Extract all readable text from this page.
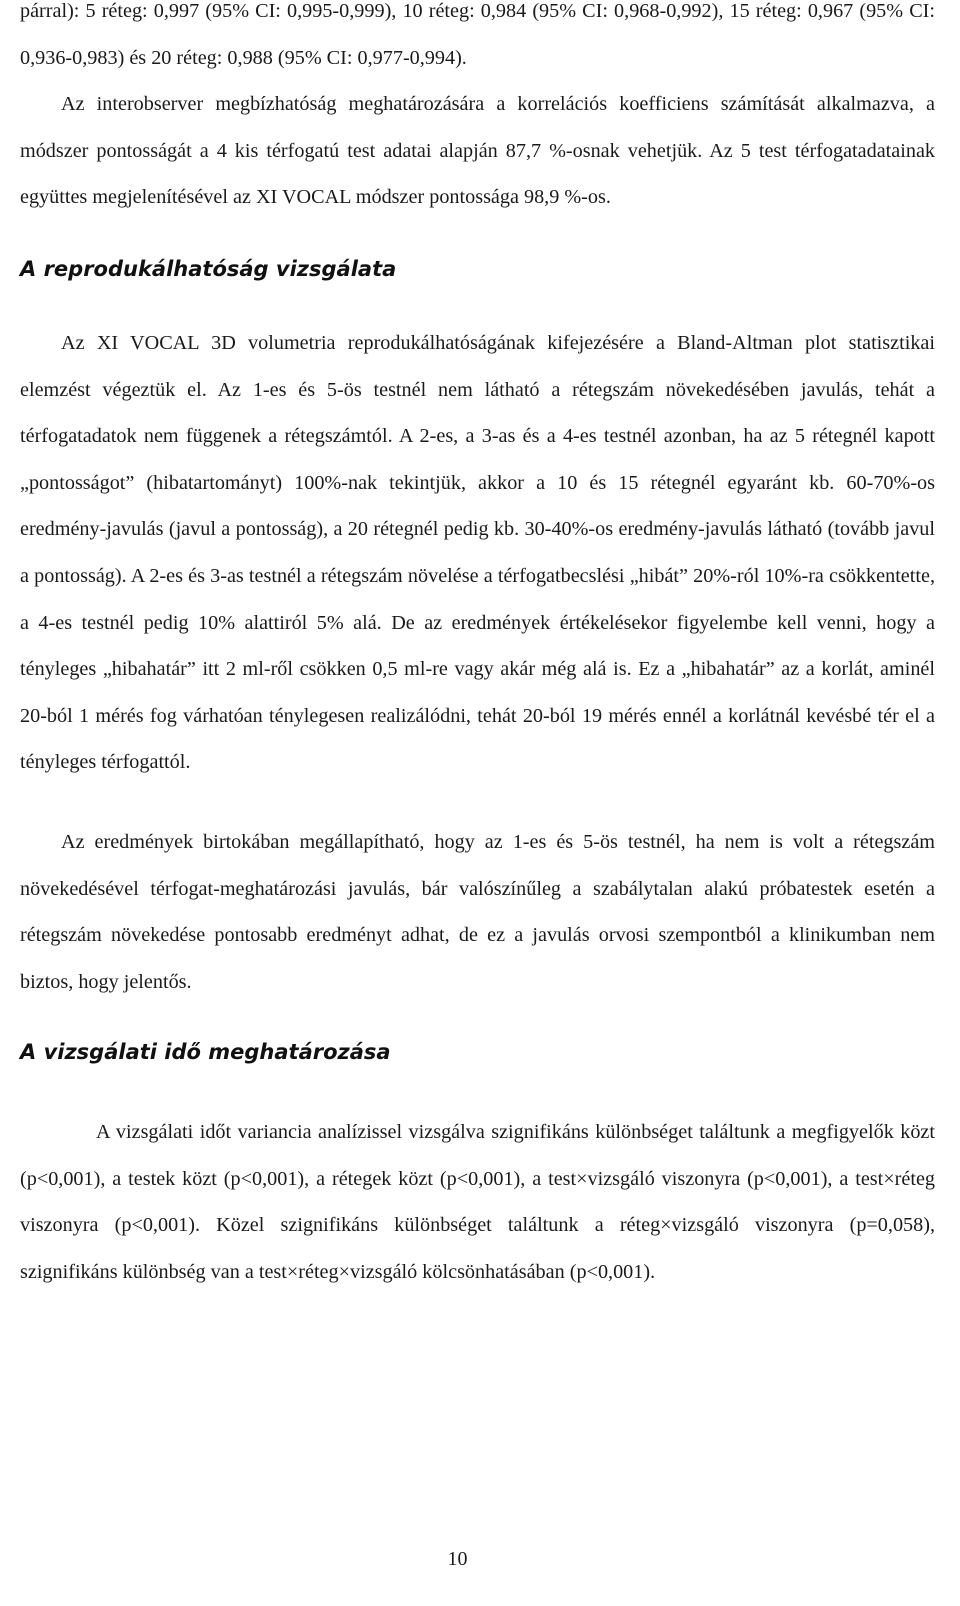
párral): 5 réteg: 0,997 (95% CI: 0,995-0,999), 10 réteg: 0,984 (95% CI: 0,968-0,992), 15 réteg: 0,967 (95% CI: 0,936-0,983) és 20 réteg: 0,988 (95% CI: 0,977-0,994).

Az interobserver megbízhatóság meghatározására a korrelációs koefficiens számítását alkalmazva, a módszer pontosságát a 4 kis térfogatú test adatai alapján 87,7 %-osnak vehetjük. Az 5 test térfogatadatainak együttes megjelenítésével az XI VOCAL módszer pontossága 98,9 %-os.

A reprodukálhatóság vizsgálata

Az XI VOCAL 3D volumetria reprodukálhatóságának kifejezésére a Bland-Altman plot statisztikai elemzést végeztük el. Az 1-es és 5-ös testnél nem látható a rétegszám növekedésében javulás, tehát a térfogatadatok nem függenek a rétegszámtól. A 2-es, a 3-as és a 4-es testnél azonban, ha az 5 rétegnél kapott „pontosságot” (hibatartományt) 100%-nak tekintjük, akkor a 10 és 15 rétegnél egyaránt kb. 60-70%-os eredmény-javulás (javul a pontosság), a 20 rétegnél pedig kb. 30-40%-os eredmény-javulás látható (tovább javul a pontosság). A 2-es és 3-as testnél a rétegszám növelése a térfogatbecslési „hibát” 20%-ról 10%-ra csökkentette, a 4-es testnél pedig 10% alattiról 5% alá. De az eredmények értékelésekor figyelembe kell venni, hogy a tényleges „hibahatár” itt 2 ml-ről csökken 0,5 ml-re vagy akár még alá is. Ez a „hibahatár” az a korlát, aminél 20-ból 1 mérés fog várhatóan ténylegesen realizálódni, tehát 20-ból 19 mérés ennél a korlátnál kevésbé tér el a tényleges térfogattól.

Az eredmények birtokában megállapítható, hogy az 1-es és 5-ös testnél, ha nem is volt a rétegszám növekedésével térfogat-meghatározási javulás, bár valószínűleg a szabálytalan alakú próbatestek esetén a rétegszám növekedése pontosabb eredményt adhat, de ez a javulás orvosi szempontból a klinikumban nem biztos, hogy jelentős.

A vizsgálati idő meghatározása

A vizsgálati időt variancia analízissel vizsgálva szignifikáns különbséget találtunk a megfigyelők közt (p<0,001), a testek közt (p<0,001), a rétegek közt (p<0,001), a test×vizsgáló viszonyra (p<0,001), a test×réteg viszonyra (p<0,001). Közel szignifikáns különbséget találtunk a réteg×vizsgáló viszonyra (p=0,058), szignifikáns különbség van a test×réteg×vizsgáló kölcsönhatásában (p<0,001).

10
